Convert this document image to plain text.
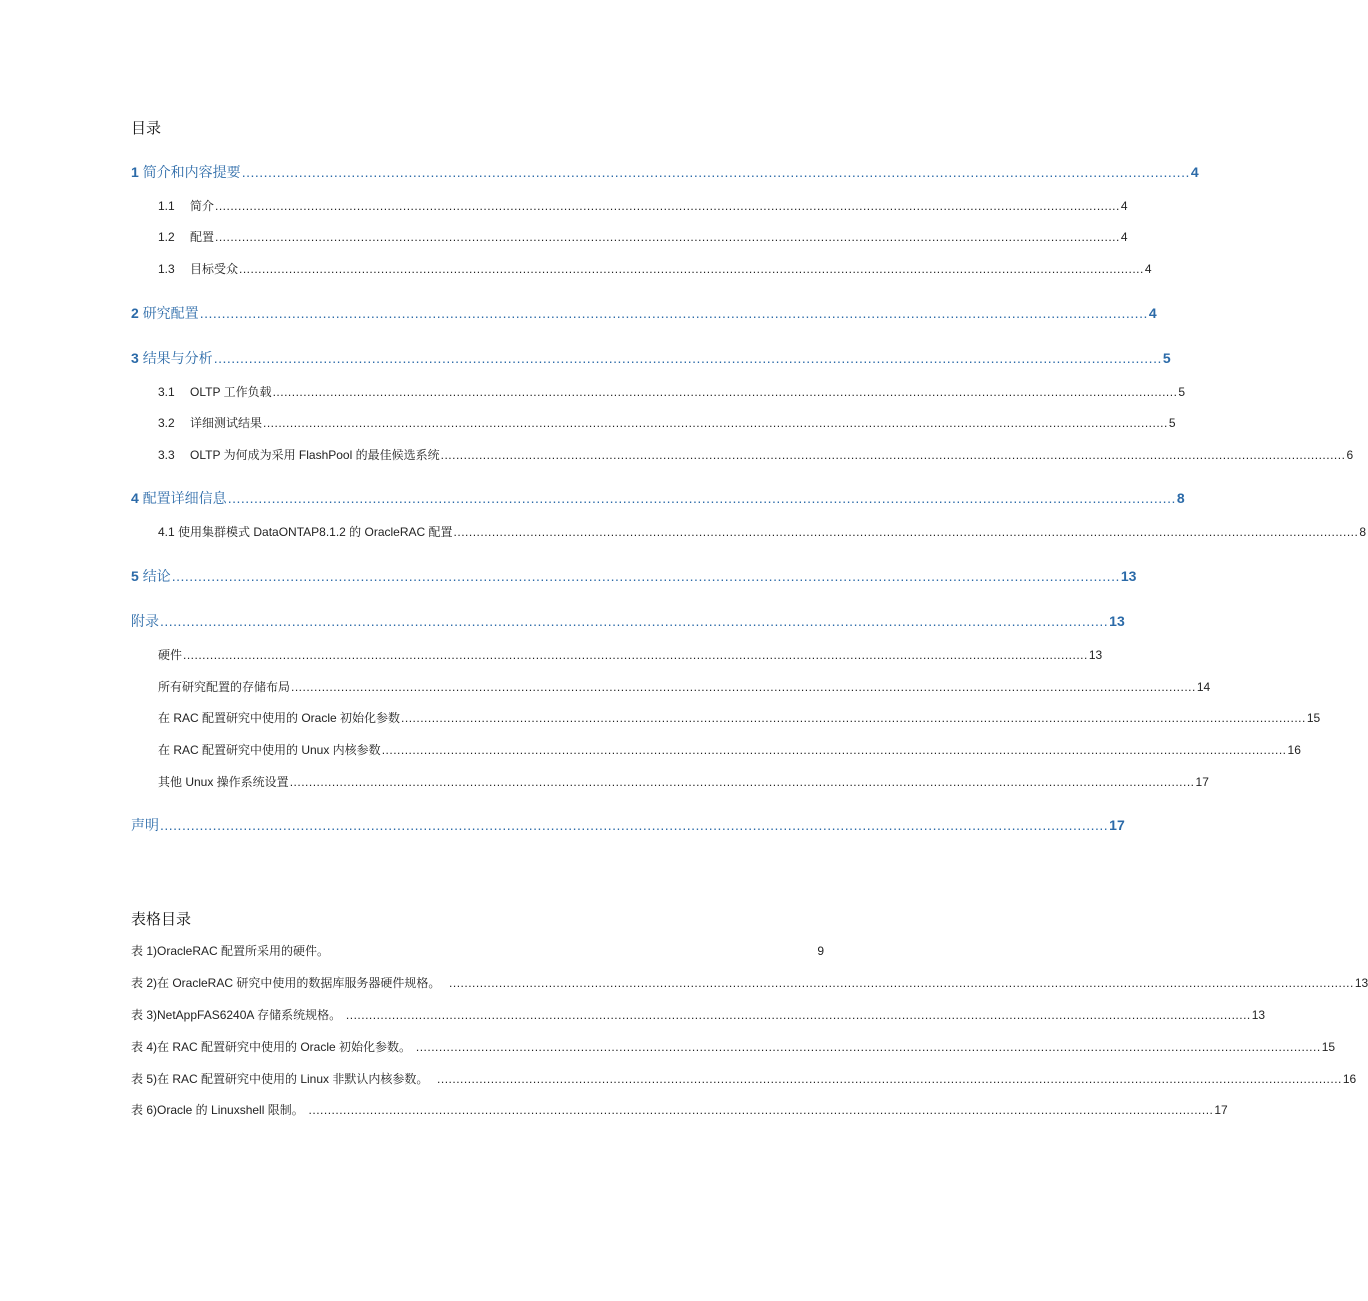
目录
1 简介和内容提要 ........................................................................................................................................................................................................................ 4
1.1 简介 ............................................................................................................................................................................................................................................ 4
1.2 配置 ............................................................................................................................................................................................................................................ 4
1.3 目标受众 ............................................................................................................................................................................................................................................ 4
2 研究配置 ........................................................................................................................................................................................................................ 4
3 结果与分析 ........................................................................................................................................................................................................................ 5
3.1 OLTP 工作负载 ............................................................................................................................................................................................................................................ 5
3.2 详细测试结果 ............................................................................................................................................................................................................................................ 5
3.3 OLTP 为何成为采用 FlashPool 的最佳候选系统 ............................................................................................................................................................................................................................................ 6
4 配置详细信息 ........................................................................................................................................................................................................................ 8
4.1 使用集群模式 DataONTAP8.1.2 的 OracleRAC 配置 ............................................................................................................................................................................................................................................ 8
5 结论 ........................................................................................................................................................................................................................ 13
附录 ........................................................................................................................................................................................................................ 13
硬件 ............................................................................................................................................................................................................................................ 13
所有研究配置的存储布局 ............................................................................................................................................................................................................................................ 14
在 RAC 配置研究中使用的 Oracle 初始化参数 ............................................................................................................................................................................................................................................ 15
在 RAC 配置研究中使用的 Unux 内核参数 ............................................................................................................................................................................................................................................ 16
其他 Unux 操作系统设置 ............................................................................................................................................................................................................................................ 17
声明 ........................................................................................................................................................................................................................ 17
表格目录
表 1)OracleRAC 配置所采用的硬件。	9
表 2)在 OracleRAC 研究中使用的数据库服务器硬件规格。 ............................................................................................................................................................................................................................................ 13
表 3)NetAppFAS6240A 存储系统规格。 ............................................................................................................................................................................................................................................ 13
表 4)在 RAC 配置研究中使用的 Oracle 初始化参数。 ............................................................................................................................................................................................................................................ 15
表 5)在 RAC 配置研究中使用的 Linux 非默认内核参数。 ............................................................................................................................................................................................................................................ 16
表 6)Oracle 的 Linuxshell 限制。 ............................................................................................................................................................................................................................................ 17
